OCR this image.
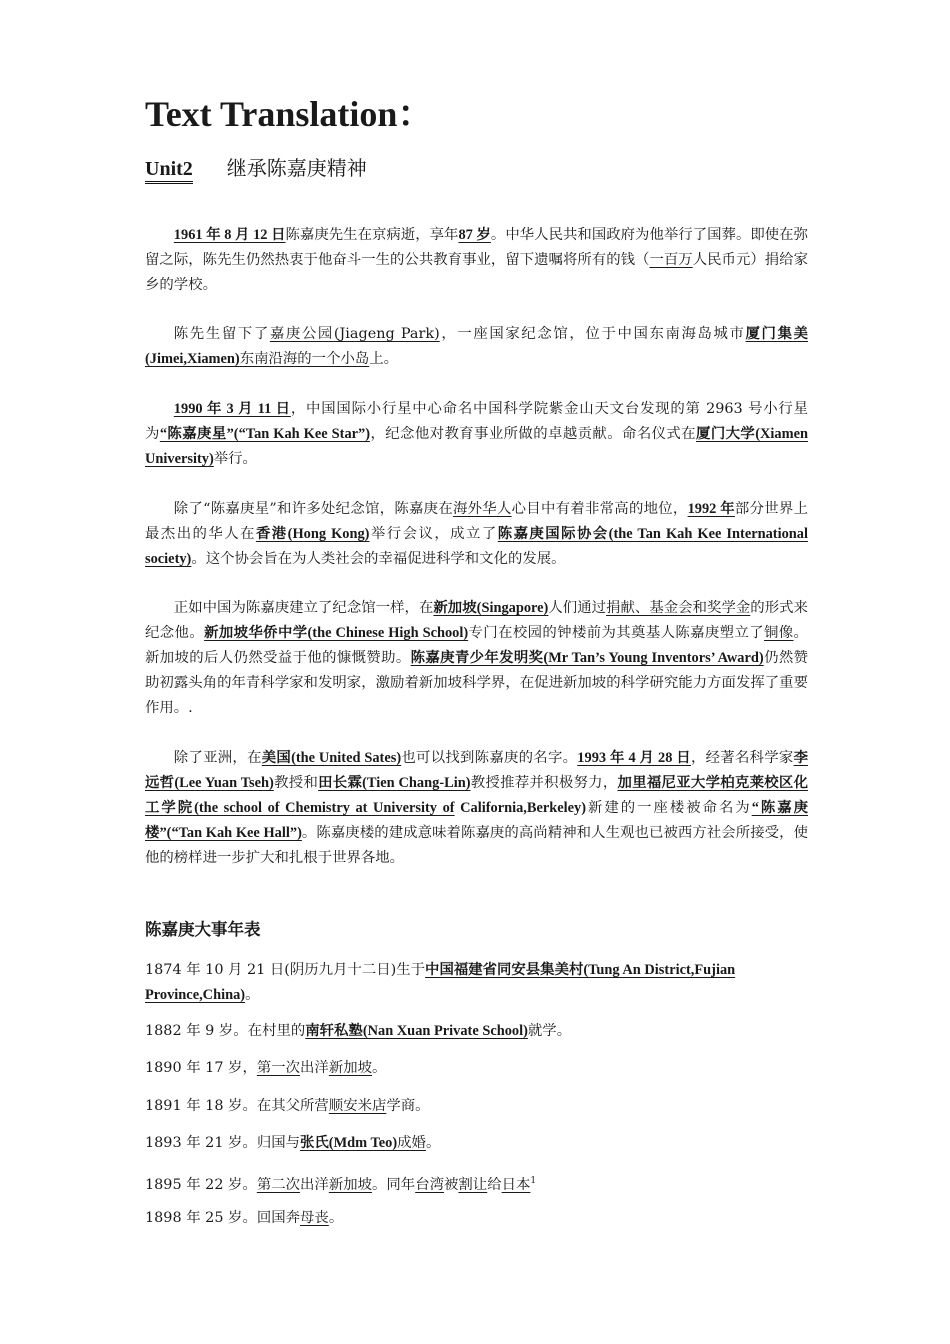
Text Translation：
Unit2 继承陈嘉庚精神

1961 年 8 月 12 日陈嘉庚先生在京病逝，享年87 岁。中华人民共和国政府为他举行了国葬。即使在弥留之际，陈先生仍然热衷于他奋斗一生的公共教育事业，留下遗嘱将所有的钱（一百万人民币元）捐给家乡的学校。

陈先生留下了嘉庚公园(Jiageng Park)，一座国家纪念馆，位于中国东南海岛城市厦门集美(Jimei,Xiamen)东南沿海的一个小岛上。

1990 年 3 月 11 日，中国国际小行星中心命名中国科学院紫金山天文台发现的第 2963 号小行星为“陈嘉庚星”(“Tan Kah Kee Star”)，纪念他对教育事业所做的卓越贡献。命名仪式在厦门大学(Xiamen University)举行。

除了“陈嘉庚星”和许多处纪念馆，陈嘉庚在海外华人心目中有着非常高的地位，1992 年部分世界上最杰出的华人在香港(Hong Kong)举行会议，成立了陈嘉庚国际协会(the Tan Kah Kee International society)。这个协会旨在为人类社会的幸福促进科学和文化的发展。

正如中国为陈嘉庚建立了纪念馆一样，在新加坡(Singapore)人们通过捐献、基金会和奖学金的形式来纪念他。新加坡华侨中学(the Chinese High School)专门在校园的钟楼前为其奠基人陈嘉庚塑立了铜像。新加坡的后人仍然受益于他的慷慨赞助。陈嘉庚青少年发明奖(Mr Tan’s Young Inventors’ Award)仍然赞助初露头角的年青科学家和发明家，激励着新加坡科学界，在促进新加坡的科学研究能力方面发挥了重要作用。.

除了亚洲，在美国(the United Sates)也可以找到陈嘉庚的名字。1993 年 4 月 28 日，经著名科学家李远哲(Lee Yuan Tseh)教授和田长霖(Tien Chang-Lin)教授推荐并积极努力，加里福尼亚大学柏克莱校区化工学院(the school of Chemistry at University of California,Berkeley)新建的一座楼被命名为“陈嘉庚楼”(“Tan Kah Kee Hall”)。陈嘉庚楼的建成意味着陈嘉庚的高尚精神和人生观也已被西方社会所接受，使他的榜样进一步扩大和扎根于世界各地。

陈嘉庚大事年表

1874 年 10 月 21 日(阴历九月十二日)生于中国福建省同安县集美村(Tung An District,Fujian Province,China)。

1882 年 9 岁。在村里的南轩私塾(Nan Xuan Private School)就学。

1890 年 17 岁，第一次出洋新加坡。

1891 年 18 岁。在其父所营顺安米店学商。

1893 年 21 岁。归国与张氏(Mdm Teo)成婚。

1895 年 22 岁。第二次出洋新加坡。同年台湾被割让给日本$^1$

1898 年 25 岁。回国奔母丧。
